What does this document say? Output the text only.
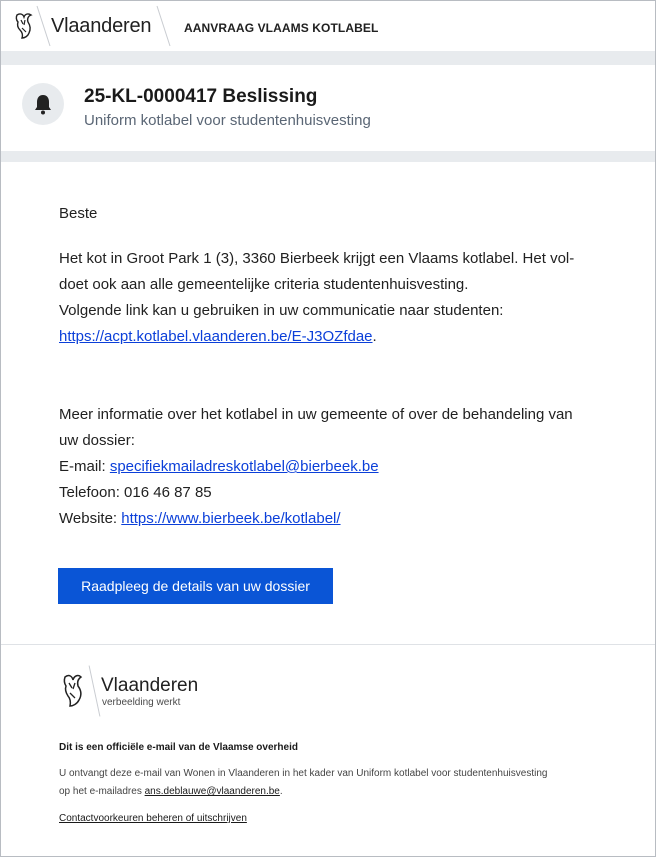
Vlaanderen	AANVRAAG VLAAMS KOTLABEL
25-KL-0000417 Beslissing
Uniform kotlabel voor studentenhuisvesting
Beste
Het kot in Groot Park 1 (3), 3360 Bierbeek krijgt een Vlaams kotlabel. Het vol-
doet ook aan alle gemeentelijke criteria studentenhuisvesting.
Volgende link kan u gebruiken in uw communicatie naar studenten:
https://acpt.kotlabel.vlaanderen.be/E-J3OZfdae.
Meer informatie over het kotlabel in uw gemeente of over de behandeling van
uw dossier:
E-mail: specifiekmailadreskotlabel@bierbeek.be
Telefoon: 016 46 87 85
Website: https://www.bierbeek.be/kotlabel/
Raadpleeg de details van uw dossier
Vlaanderen
verbeelding werkt
Dit is een officiële e-mail van de Vlaamse overheid
U ontvangt deze e-mail van Wonen in Vlaanderen in het kader van Uniform kotlabel voor studentenhuisvesting
op het e-mailadres ans.deblauwe@vlaanderen.be.
Contactvoorkeuren beheren of uitschrijven
